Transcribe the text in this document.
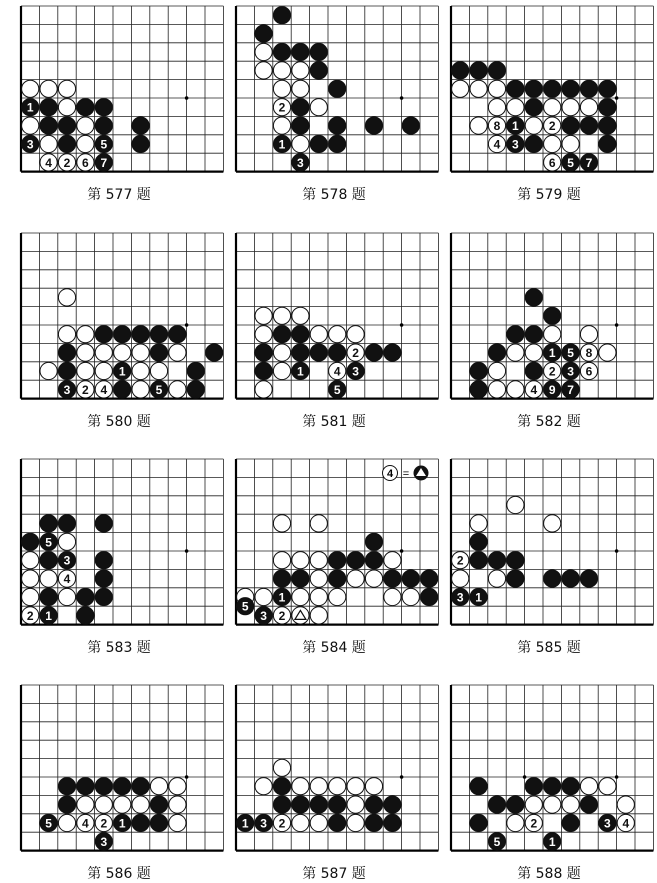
1
3	5
4 2 6 7
第 577 题
2
1
3
第 578 题
8 1	2
4 3
6 5 7
第 579 题
1
3 2 4	5
第 580 题
2
1	4 3
5
第 581 题
1 5 8
2 3 6
4 9 7
第 582 题
5
3
4
2 1
第 583 题
1
5
3 2
第 584 题
2
3 1
第 585 题
5	4 2 1
3
第 586 题
1 3 2
第 587 题
2	3 4
5	1
第 588 题
4 =
